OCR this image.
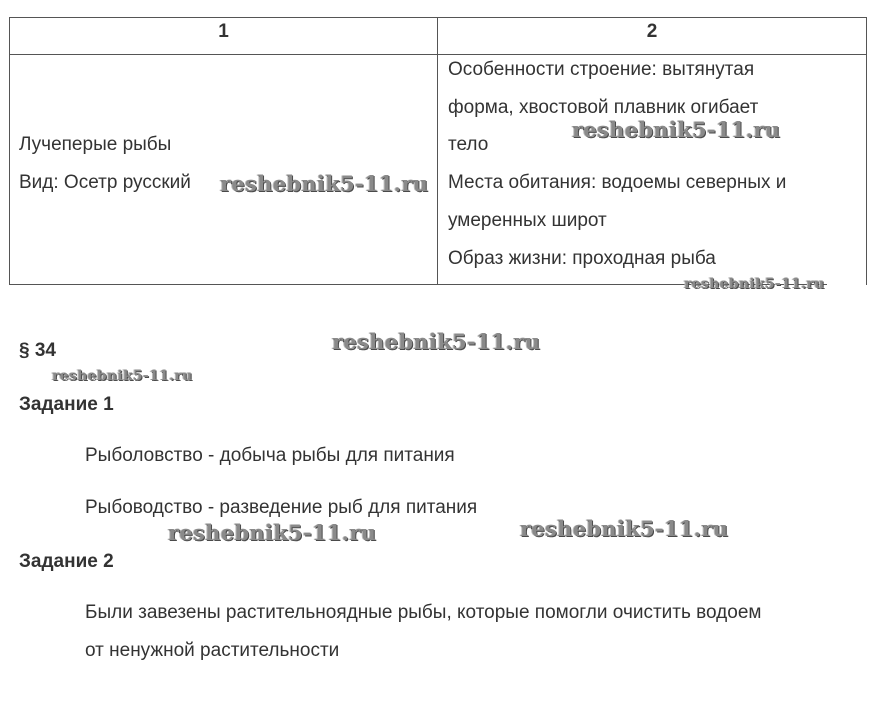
1	2
Лучеперые рыбы
Вид: Осетр русский
Особенности строение: вытянутая
форма, хвостовой плавник огибает
тело
Места обитания: водоемы северных и
умеренных широт
Образ жизни: проходная рыба
§ 34
Задание 1
Рыболовство - добыча рыбы для питания
Рыбоводство - разведение рыб для питания
Задание 2
Были завезены растительноядные рыбы, которые помогли очистить водоем
от ненужной растительности
reshebnik5-11.ru
reshebnik5-11.ru
reshebnik5-11.ru
reshebnik5-11.ru
reshebnik5-11.ru
reshebnik5-11.ru	reshebnik5-11.ru
